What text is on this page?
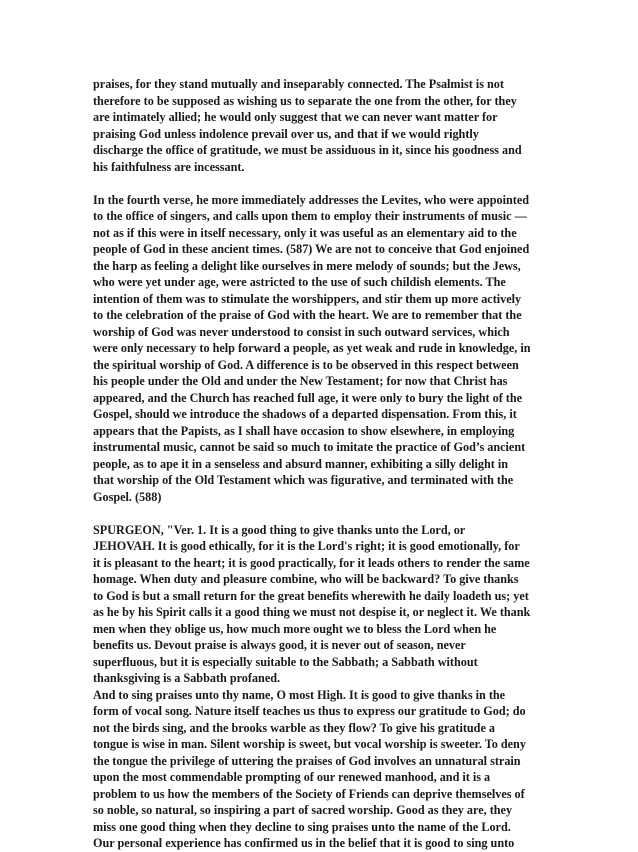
praises, for they stand mutually and inseparably connected. The Psalmist is not
therefore to be supposed as wishing us to separate the one from the other, for they
are intimately allied; he would only suggest that we can never want matter for
praising God unless indolence prevail over us, and that if we would rightly
discharge the office of gratitude, we must be assiduous in it, since his goodness and
his faithfulness are incessant.
In the fourth verse, he more immediately addresses the Levites, who were appointed
to the office of singers, and calls upon them to employ their instruments of music —
not as if this were in itself necessary, only it was useful as an elementary aid to the
people of God in these ancient times. (587) We are not to conceive that God enjoined
the harp as feeling a delight like ourselves in mere melody of sounds; but the Jews,
who were yet under age, were astricted to the use of such childish elements. The
intention of them was to stimulate the worshippers, and stir them up more actively
to the celebration of the praise of God with the heart. We are to remember that the
worship of God was never understood to consist in such outward services, which
were only necessary to help forward a people, as yet weak and rude in knowledge, in
the spiritual worship of God. A difference is to be observed in this respect between
his people under the Old and under the New Testament; for now that Christ has
appeared, and the Church has reached full age, it were only to bury the light of the
Gospel, should we introduce the shadows of a departed dispensation. From this, it
appears that the Papists, as I shall have occasion to show elsewhere, in employing
instrumental music, cannot be said so much to imitate the practice of God’s ancient
people, as to ape it in a senseless and absurd manner, exhibiting a silly delight in
that worship of the Old Testament which was figurative, and terminated with the
Gospel. (588)
SPURGEON, "Ver. 1. It is a good thing to give thanks unto the Lord, or
JEHOVAH. It is good ethically, for it is the Lord's right; it is good emotionally, for
it is pleasant to the heart; it is good practically, for it leads others to render the same
homage. When duty and pleasure combine, who will be backward? To give thanks
to God is but a small return for the great benefits wherewith he daily loadeth us; yet
as he by his Spirit calls it a good thing we must not despise it, or neglect it. We thank
men when they oblige us, how much more ought we to bless the Lord when he
benefits us. Devout praise is always good, it is never out of season, never
superfluous, but it is especially suitable to the Sabbath; a Sabbath without
thanksgiving is a Sabbath profaned.
And to sing praises unto thy name, O most High. It is good to give thanks in the
form of vocal song. Nature itself teaches us thus to express our gratitude to God; do
not the birds sing, and the brooks warble as they flow? To give his gratitude a
tongue is wise in man. Silent worship is sweet, but vocal worship is sweeter. To deny
the tongue the privilege of uttering the praises of God involves an unnatural strain
upon the most commendable prompting of our renewed manhood, and it is a
problem to us how the members of the Society of Friends can deprive themselves of
so noble, so natural, so inspiring a part of sacred worship. Good as they are, they
miss one good thing when they decline to sing praises unto the name of the Lord.
Our personal experience has confirmed us in the belief that it is good to sing unto
